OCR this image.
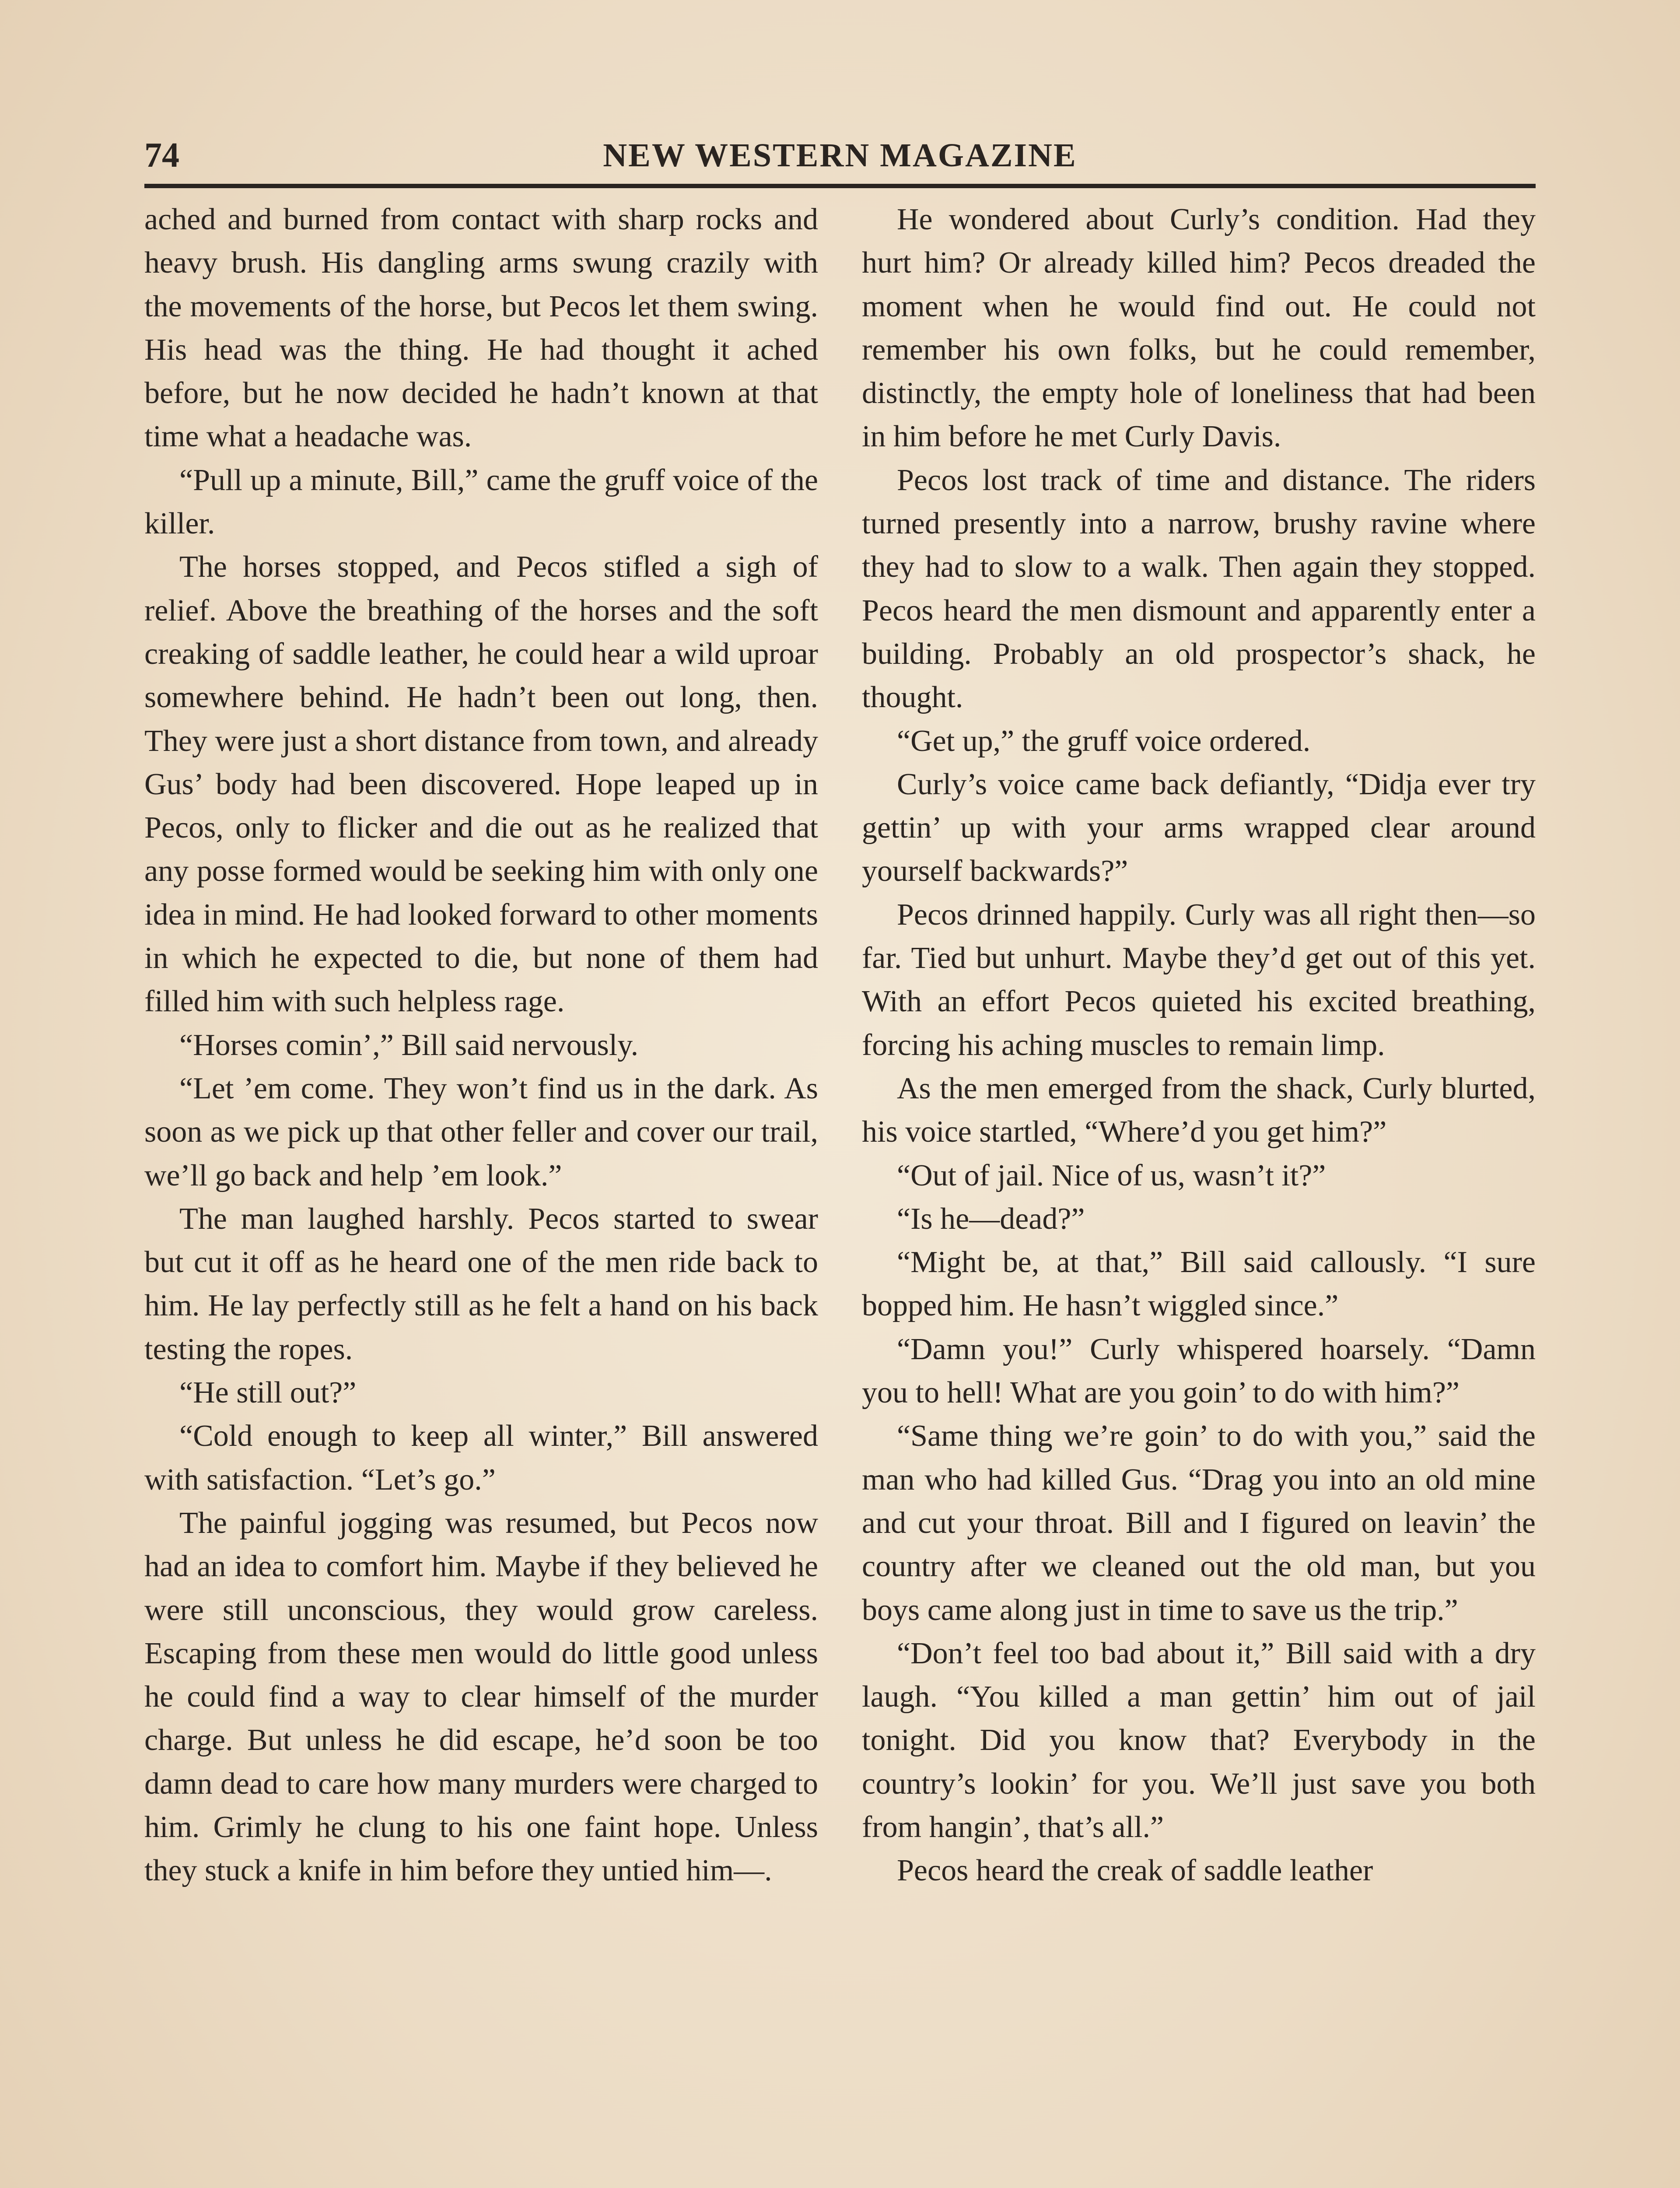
74	NEW WESTERN MAGAZINE

ached and burned from contact with sharp rocks and heavy brush. His dangling arms swung crazily with the movements of the horse, but Pecos let them swing. His head was the thing. He had thought it ached before, but he now decided he hadn’t known at that time what a headache was.

“Pull up a minute, Bill,” came the gruff voice of the killer.

The horses stopped, and Pecos stifled a sigh of relief. Above the breathing of the horses and the soft creaking of saddle leather, he could hear a wild uproar somewhere behind. He hadn’t been out long, then. They were just a short distance from town, and already Gus’ body had been discovered. Hope leaped up in Pecos, only to flicker and die out as he realized that any posse formed would be seeking him with only one idea in mind. He had looked forward to other moments in which he expected to die, but none of them had filled him with such helpless rage.

“Horses comin’,” Bill said nervously.

“Let ’em come. They won’t find us in the dark. As soon as we pick up that other feller and cover our trail, we’ll go back and help ’em look.”

The man laughed harshly. Pecos started to swear but cut it off as he heard one of the men ride back to him. He lay perfectly still as he felt a hand on his back testing the ropes.

“He still out?”

“Cold enough to keep all winter,” Bill answered with satisfaction. “Let’s go.”

The painful jogging was resumed, but Pecos now had an idea to comfort him. Maybe if they believed he were still unconscious, they would grow careless. Escaping from these men would do little good unless he could find a way to clear himself of the murder charge. But unless he did escape, he’d soon be too damn dead to care how many murders were charged to him. Grimly he clung to his one faint hope. Unless they stuck a knife in him before they untied him—.

He wondered about Curly’s condition. Had they hurt him? Or already killed him? Pecos dreaded the moment when he would find out. He could not remember his own folks, but he could remember, distinctly, the empty hole of loneliness that had been in him before he met Curly Davis.

Pecos lost track of time and distance. The riders turned presently into a narrow, brushy ravine where they had to slow to a walk. Then again they stopped. Pecos heard the men dismount and apparently enter a building. Probably an old prospector’s shack, he thought.

“Get up,” the gruff voice ordered.

Curly’s voice came back defiantly, “Didja ever try gettin’ up with your arms wrapped clear around yourself backwards?”

Pecos drinned happily. Curly was all right then—so far. Tied but unhurt. Maybe they’d get out of this yet. With an effort Pecos quieted his excited breathing, forcing his aching muscles to remain limp.

As the men emerged from the shack, Curly blurted, his voice startled, “Where’d you get him?”

“Out of jail. Nice of us, wasn’t it?”

“Is he—dead?”

“Might be, at that,” Bill said callously. “I sure bopped him. He hasn’t wiggled since.”

“Damn you!” Curly whispered hoarsely. “Damn you to hell! What are you goin’ to do with him?”

“Same thing we’re goin’ to do with you,” said the man who had killed Gus. “Drag you into an old mine and cut your throat. Bill and I figured on leavin’ the country after we cleaned out the old man, but you boys came along just in time to save us the trip.”

“Don’t feel too bad about it,” Bill said with a dry laugh. “You killed a man gettin’ him out of jail tonight. Did you know that? Everybody in the country’s lookin’ for you. We’ll just save you both from hangin’, that’s all.”

Pecos heard the creak of saddle leather
